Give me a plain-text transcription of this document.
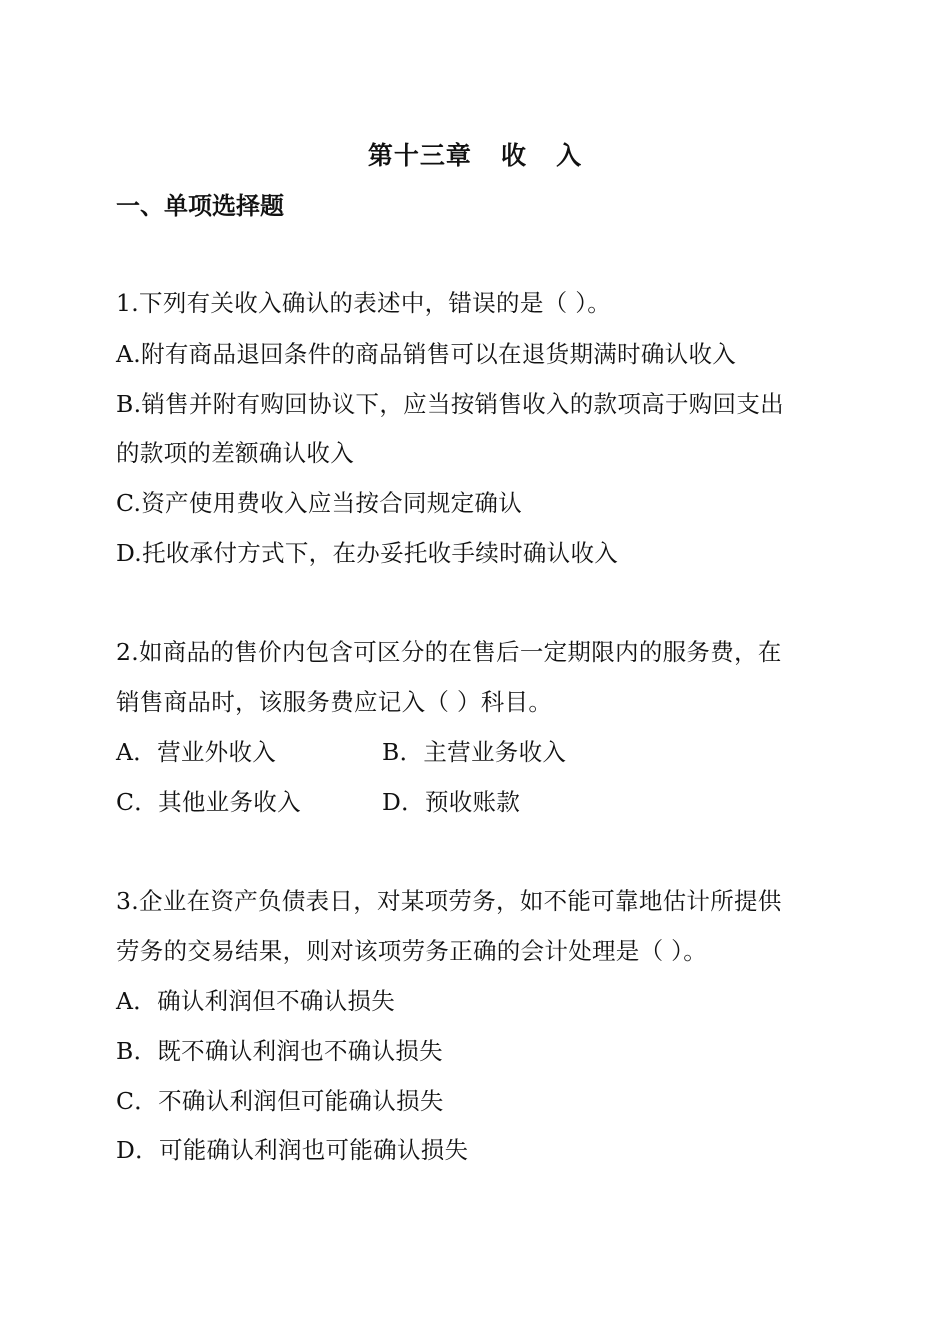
第十三章   收   入
一、单项选择题
1.下列有关收入确认的表述中，错误的是（ ）。
A.附有商品退回条件的商品销售可以在退货期满时确认收入
B.销售并附有购回协议下，应当按销售收入的款项高于购回支出
的款项的差额确认收入
C.资产使用费收入应当按合同规定确认
D.托收承付方式下，在办妥托收手续时确认收入
2.如商品的售价内包含可区分的在售后一定期限内的服务费，在
销售商品时，该服务费应记入（ ）科目。
A．营业外收入	B．主营业务收入
C．其他业务收入	D．预收账款
3.企业在资产负债表日，对某项劳务，如不能可靠地估计所提供
劳务的交易结果，则对该项劳务正确的会计处理是（ ）。
A．确认利润但不确认损失
B．既不确认利润也不确认损失
C．不确认利润但可能确认损失
D．可能确认利润也可能确认损失
